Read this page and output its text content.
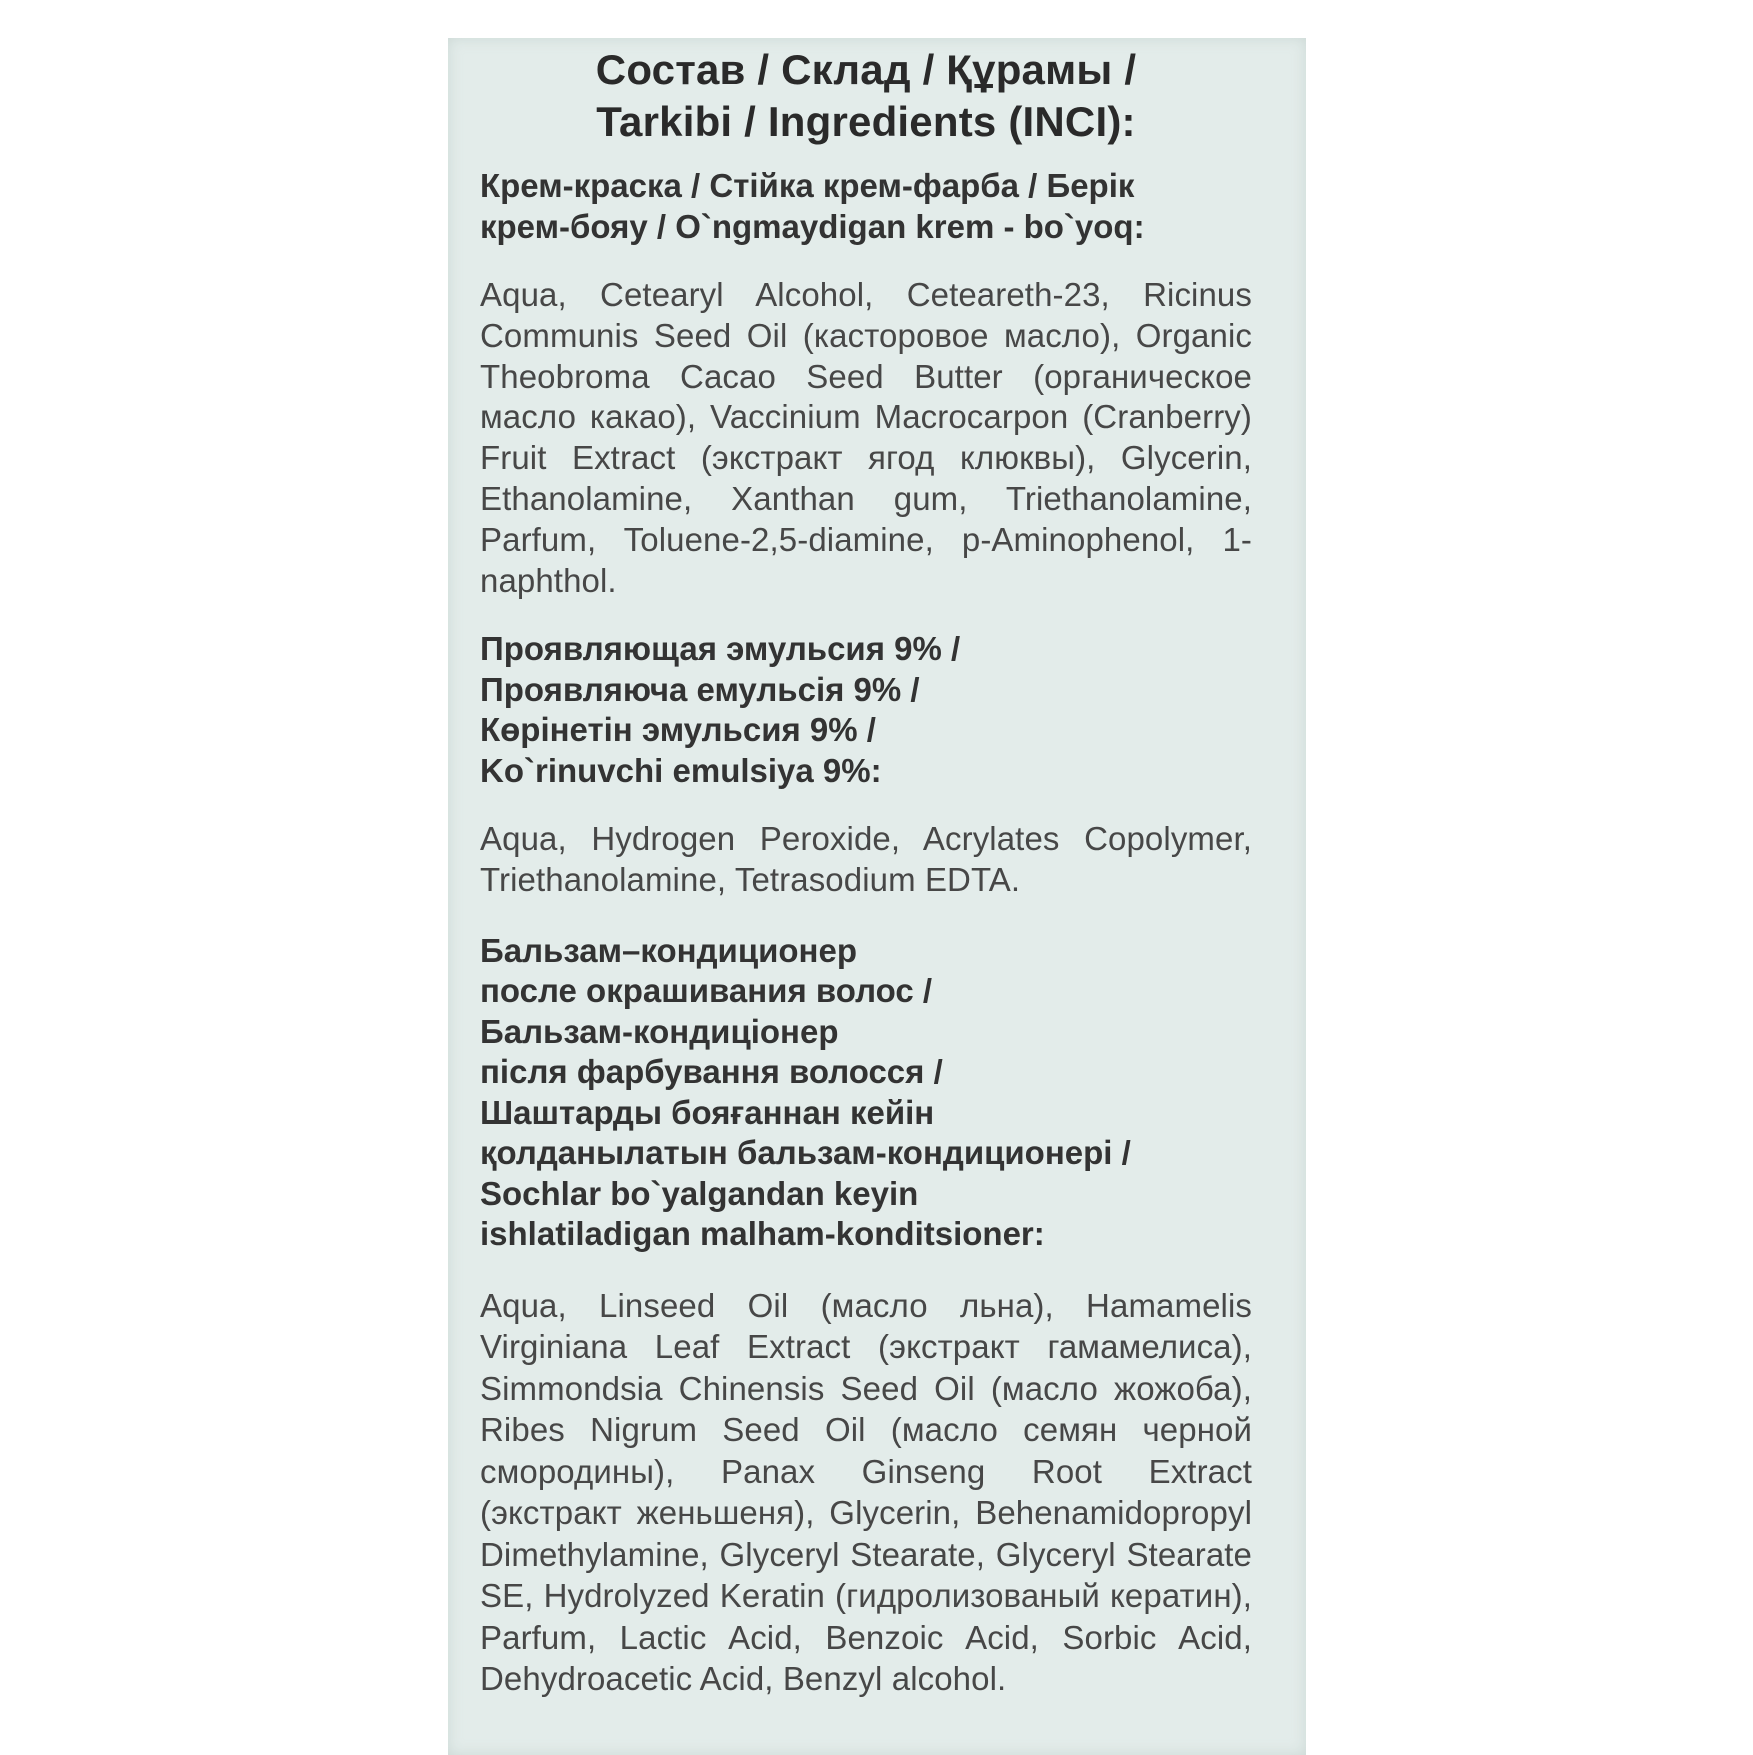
Состав / Склад / Құрамы /
Tarkibi / Ingredients (INCI):

Крем-краска / Стійка крем-фарба / Берік
крем-бояу / O`ngmaydigan krem - bo`yoq:

Aqua, Cetearyl Alcohol, Ceteareth-23, Ricinus Communis Seed Oil (касторовое масло), Organic Theobroma Cacao Seed Butter (органическое масло какао), Vaccinium Macrocarpon (Cranberry) Fruit Extract (экстракт ягод клюквы), Glycerin, Ethanolamine, Xanthan gum, Triethanolamine, Parfum, Toluene-2,5-diamine, p-Aminophenol, 1-naphthol.

Проявляющая эмульсия 9% /
Проявляюча емульсія 9% /
Көрінетін эмульсия 9% /
Ko`rinuvchi emulsiya 9%:

Aqua, Hydrogen Peroxide, Acrylates Copolymer, Triethanolamine, Tetrasodium EDTA.

Бальзам–кондиционер
после окрашивания волос /
Бальзам-кондиціонер
після фарбування волосся /
Шаштарды бояғаннан кейін
қолданылатын бальзам-кондиционері /
Sochlar bo`yalgandan keyin
ishlatiladigan malham-konditsioner:

Aqua, Linseed Oil (масло льна), Hamamelis Virginiana Leaf Extract (экстракт гамамелиса), Simmondsia Chinensis Seed Oil (масло жожоба), Ribes Nigrum Seed Oil (масло семян черной смородины), Panax Ginseng Root Extract (экстракт женьшеня), Glycerin, Behenamidopropyl Dimethylamine, Glyceryl Stearate, Glyceryl Stearate SE, Hydrolyzed Keratin (гидролизованый кератин), Parfum, Lactic Acid, Benzoic Acid, Sorbic Acid, Dehydroacetic Acid, Benzyl alcohol.
